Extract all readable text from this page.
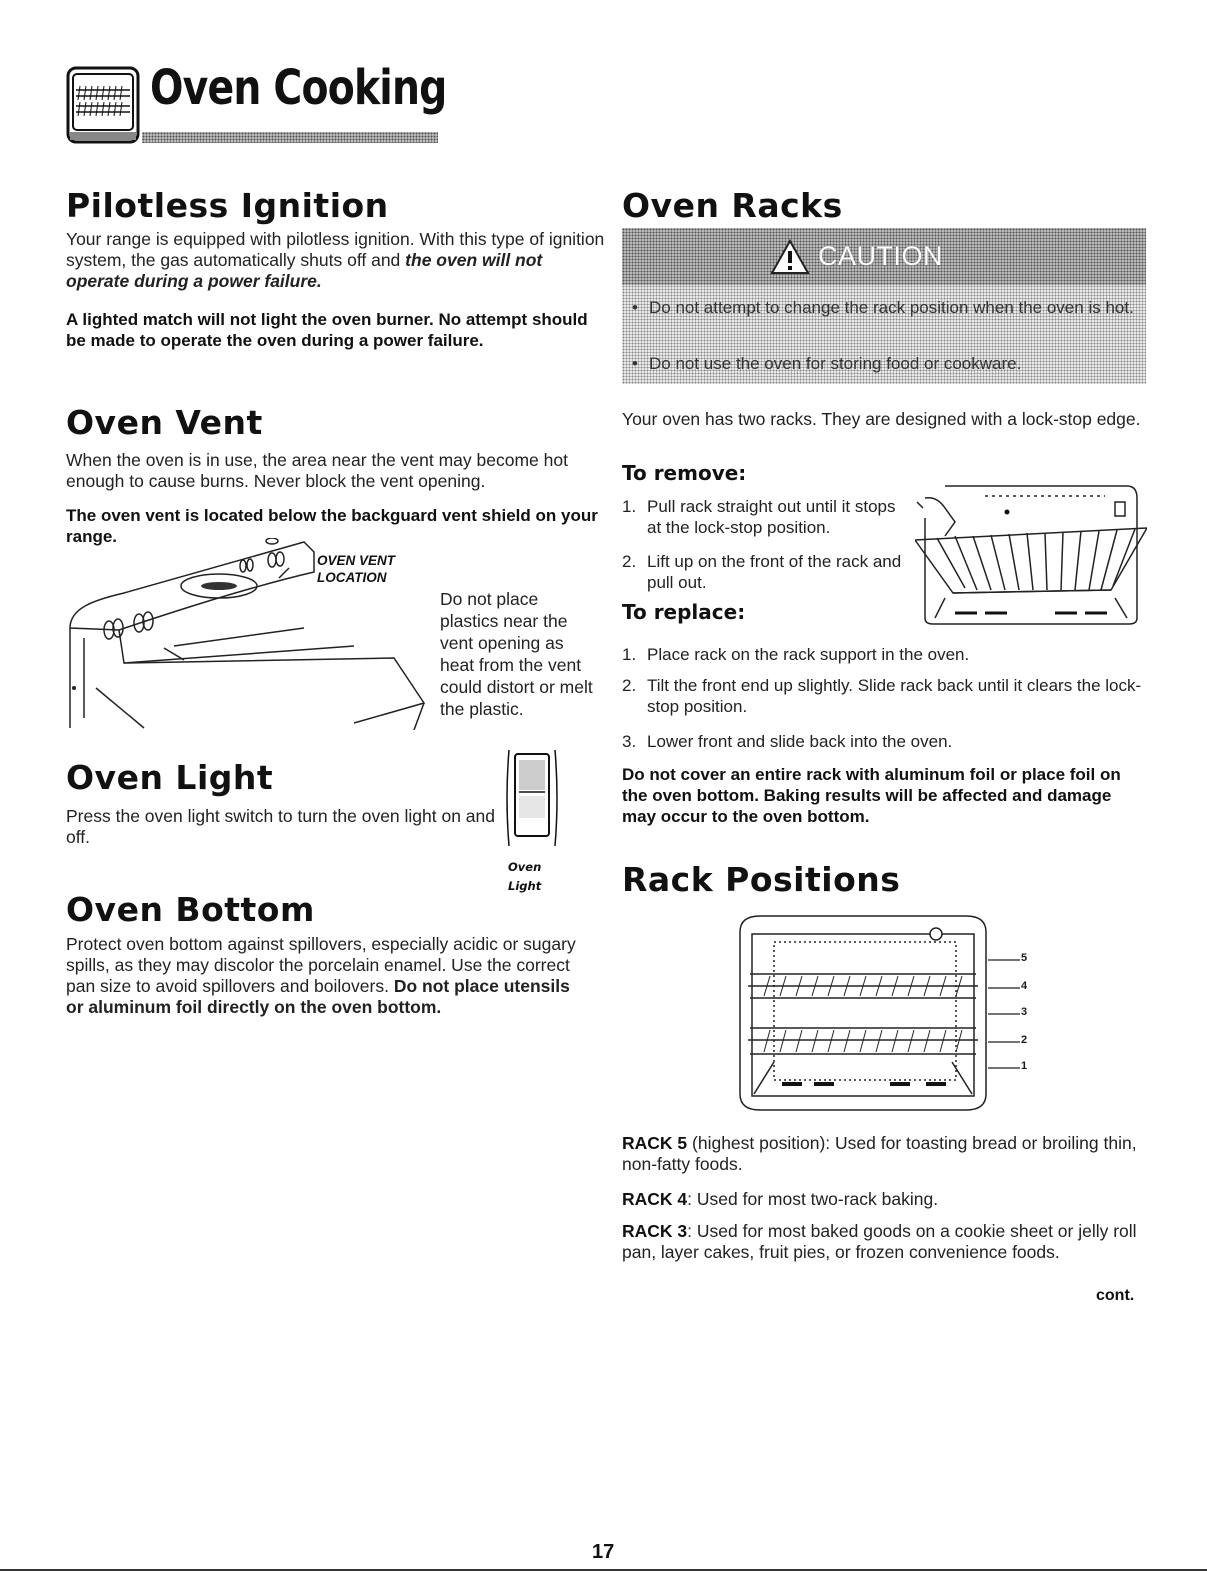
Oven Cooking
Pilotless Ignition

Your range is equipped with pilotless ignition. With this type of ignition system, the gas automatically shuts off and the oven will not operate during a power failure.

A lighted match will not light the oven burner. No attempt should be made to operate the oven during a power failure.

Oven Vent

When the oven is in use, the area near the vent may become hot enough to cause burns. Never block the vent opening.

The oven vent is located below the backguard vent shield on your range.

OVEN VENT
LOCATION

Do not place plastics near the vent opening as heat from the vent could distort or melt the plastic.

Oven Light

Press the oven light switch to turn the oven light on and off.

Oven
Light
Oven Bottom

Protect oven bottom against spillovers, especially acidic or sugary spills, as they may discolor the porcelain enamel. Use the correct pan size to avoid spillovers and boilovers. Do not place utensils or aluminum foil directly on the oven bottom.

Oven Racks
CAUTION
• Do not attempt to change the rack position when the oven is hot.
• Do not use the oven for storing food or cookware.

Your oven has two racks. They are designed with a lock-stop edge.

To remove:
1. Pull rack straight out until it stops at the lock-stop position.
2. Lift up on the front of the rack and pull out.
To replace:
1. Place rack on the rack support in the oven.
2. Tilt the front end up slightly. Slide rack back until it clears the lock-stop position.
3. Lower front and slide back into the oven.

Do not cover an entire rack with aluminum foil or place foil on the oven bottom. Baking results will be affected and damage may occur to the oven bottom.

Rack Positions
5
4
3
2
1

RACK 5 (highest position): Used for toasting bread or broiling thin, non-fatty foods.

RACK 4: Used for most two-rack baking.

RACK 3: Used for most baked goods on a cookie sheet or jelly roll pan, layer cakes, fruit pies, or frozen convenience foods.

cont.
17
